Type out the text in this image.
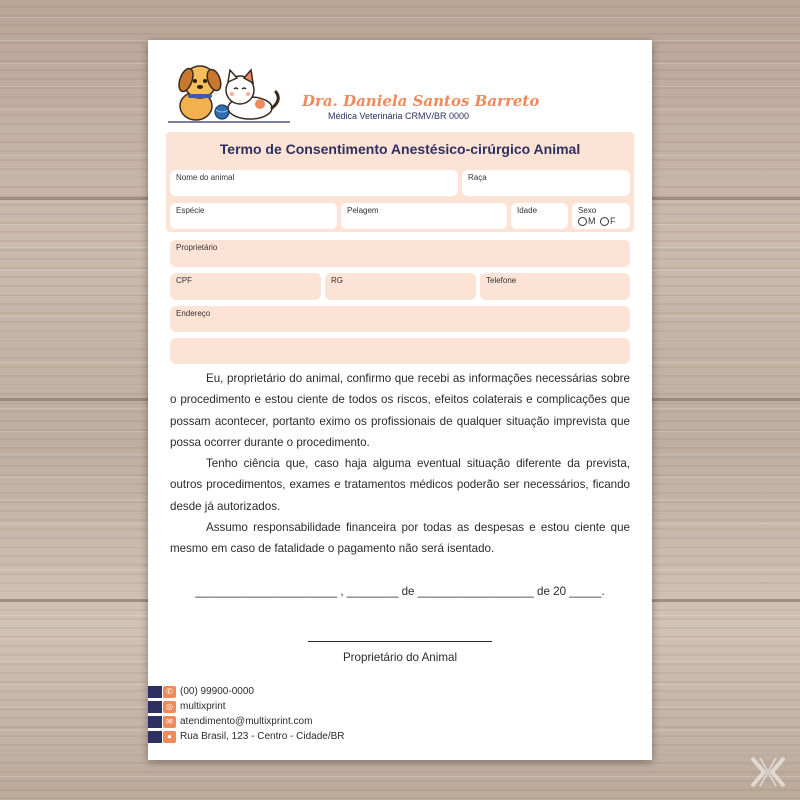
Dra. Daniela Santos Barreto
Médica Veterinária CRMV/BR 0000
Termo de Consentimento Anestésico-cirúrgico Animal
Nome do animal	Raça
Espécie	Pelagem	Idade	Sexo
M F
Proprietário
CPF	RG	Telefone
Endereço

Eu, proprietário do animal, confirmo que recebi as informações necessárias sobre o procedimento e estou ciente de todos os riscos, efeitos colaterais e complicações que possam acontecer, portanto eximo os profissionais de qualquer situação imprevista que possa ocorrer durante o procedimento.

Tenho ciência que, caso haja alguma eventual situação diferente da prevista, outros procedimentos, exames e tratamentos médicos poderão ser necessários, ficando desde já autorizados.

Assumo responsabilidade financeira por todas as despesas e estou ciente que mesmo em caso de fatalidade o pagamento não será isentado.

______________________ , ________ de __________________ de 20 _____.
Proprietário do Animal
✆ (00) 99900-0000
◎ multixprint
✉ atendimento@multixprint.com
● Rua Brasil, 123 - Centro - Cidade/BR
